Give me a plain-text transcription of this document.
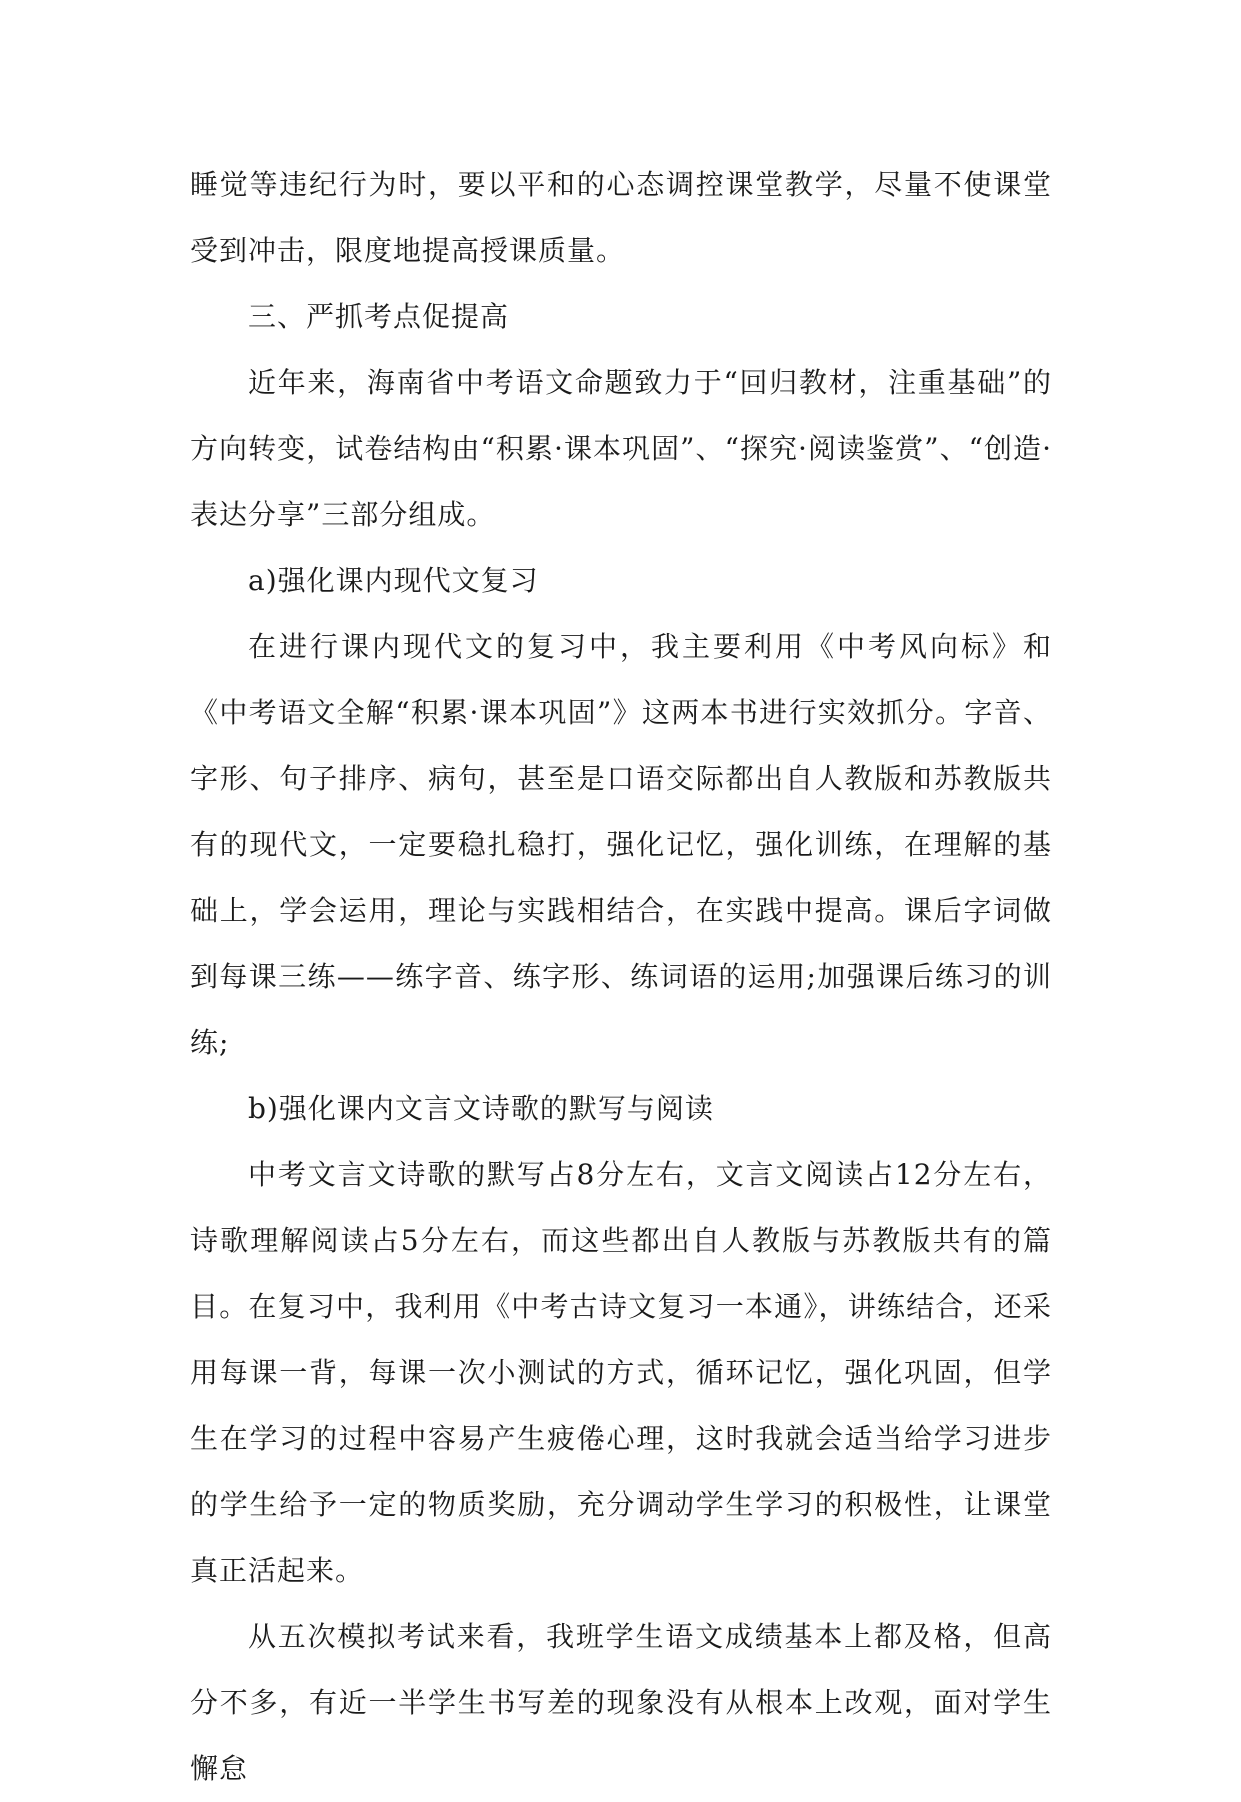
睡觉等违纪行为时，要以平和的心态调控课堂教学，尽量不使课堂受到冲击，限度地提高授课质量。

三、严抓考点促提高

近年来，海南省中考语文命题致力于“回归教材，注重基础”的方向转变，试卷结构由“积累·课本巩固”、“探究·阅读鉴赏”、“创造·表达分享”三部分组成。

a)强化课内现代文复习

在进行课内现代文的复习中，我主要利用《中考风向标》和《中考语文全解“积累·课本巩固”》这两本书进行实效抓分。字音、字形、句子排序、病句，甚至是口语交际都出自人教版和苏教版共有的现代文，一定要稳扎稳打，强化记忆，强化训练，在理解的基础上，学会运用，理论与实践相结合，在实践中提高。课后字词做到每课三练——练字音、练字形、练词语的运用;加强课后练习的训练;

b)强化课内文言文诗歌的默写与阅读

中考文言文诗歌的默写占8分左右，文言文阅读占12分左右，诗歌理解阅读占5分左右，而这些都出自人教版与苏教版共有的篇目。在复习中，我利用《中考古诗文复习一本通》，讲练结合，还采用每课一背，每课一次小测试的方式，循环记忆，强化巩固，但学生在学习的过程中容易产生疲倦心理，这时我就会适当给学习进步的学生给予一定的物质奖励，充分调动学生学习的积极性，让课堂真正活起来。

从五次模拟考试来看，我班学生语文成绩基本上都及格，但高分不多，有近一半学生书写差的现象没有从根本上改观，面对学生懈怠
